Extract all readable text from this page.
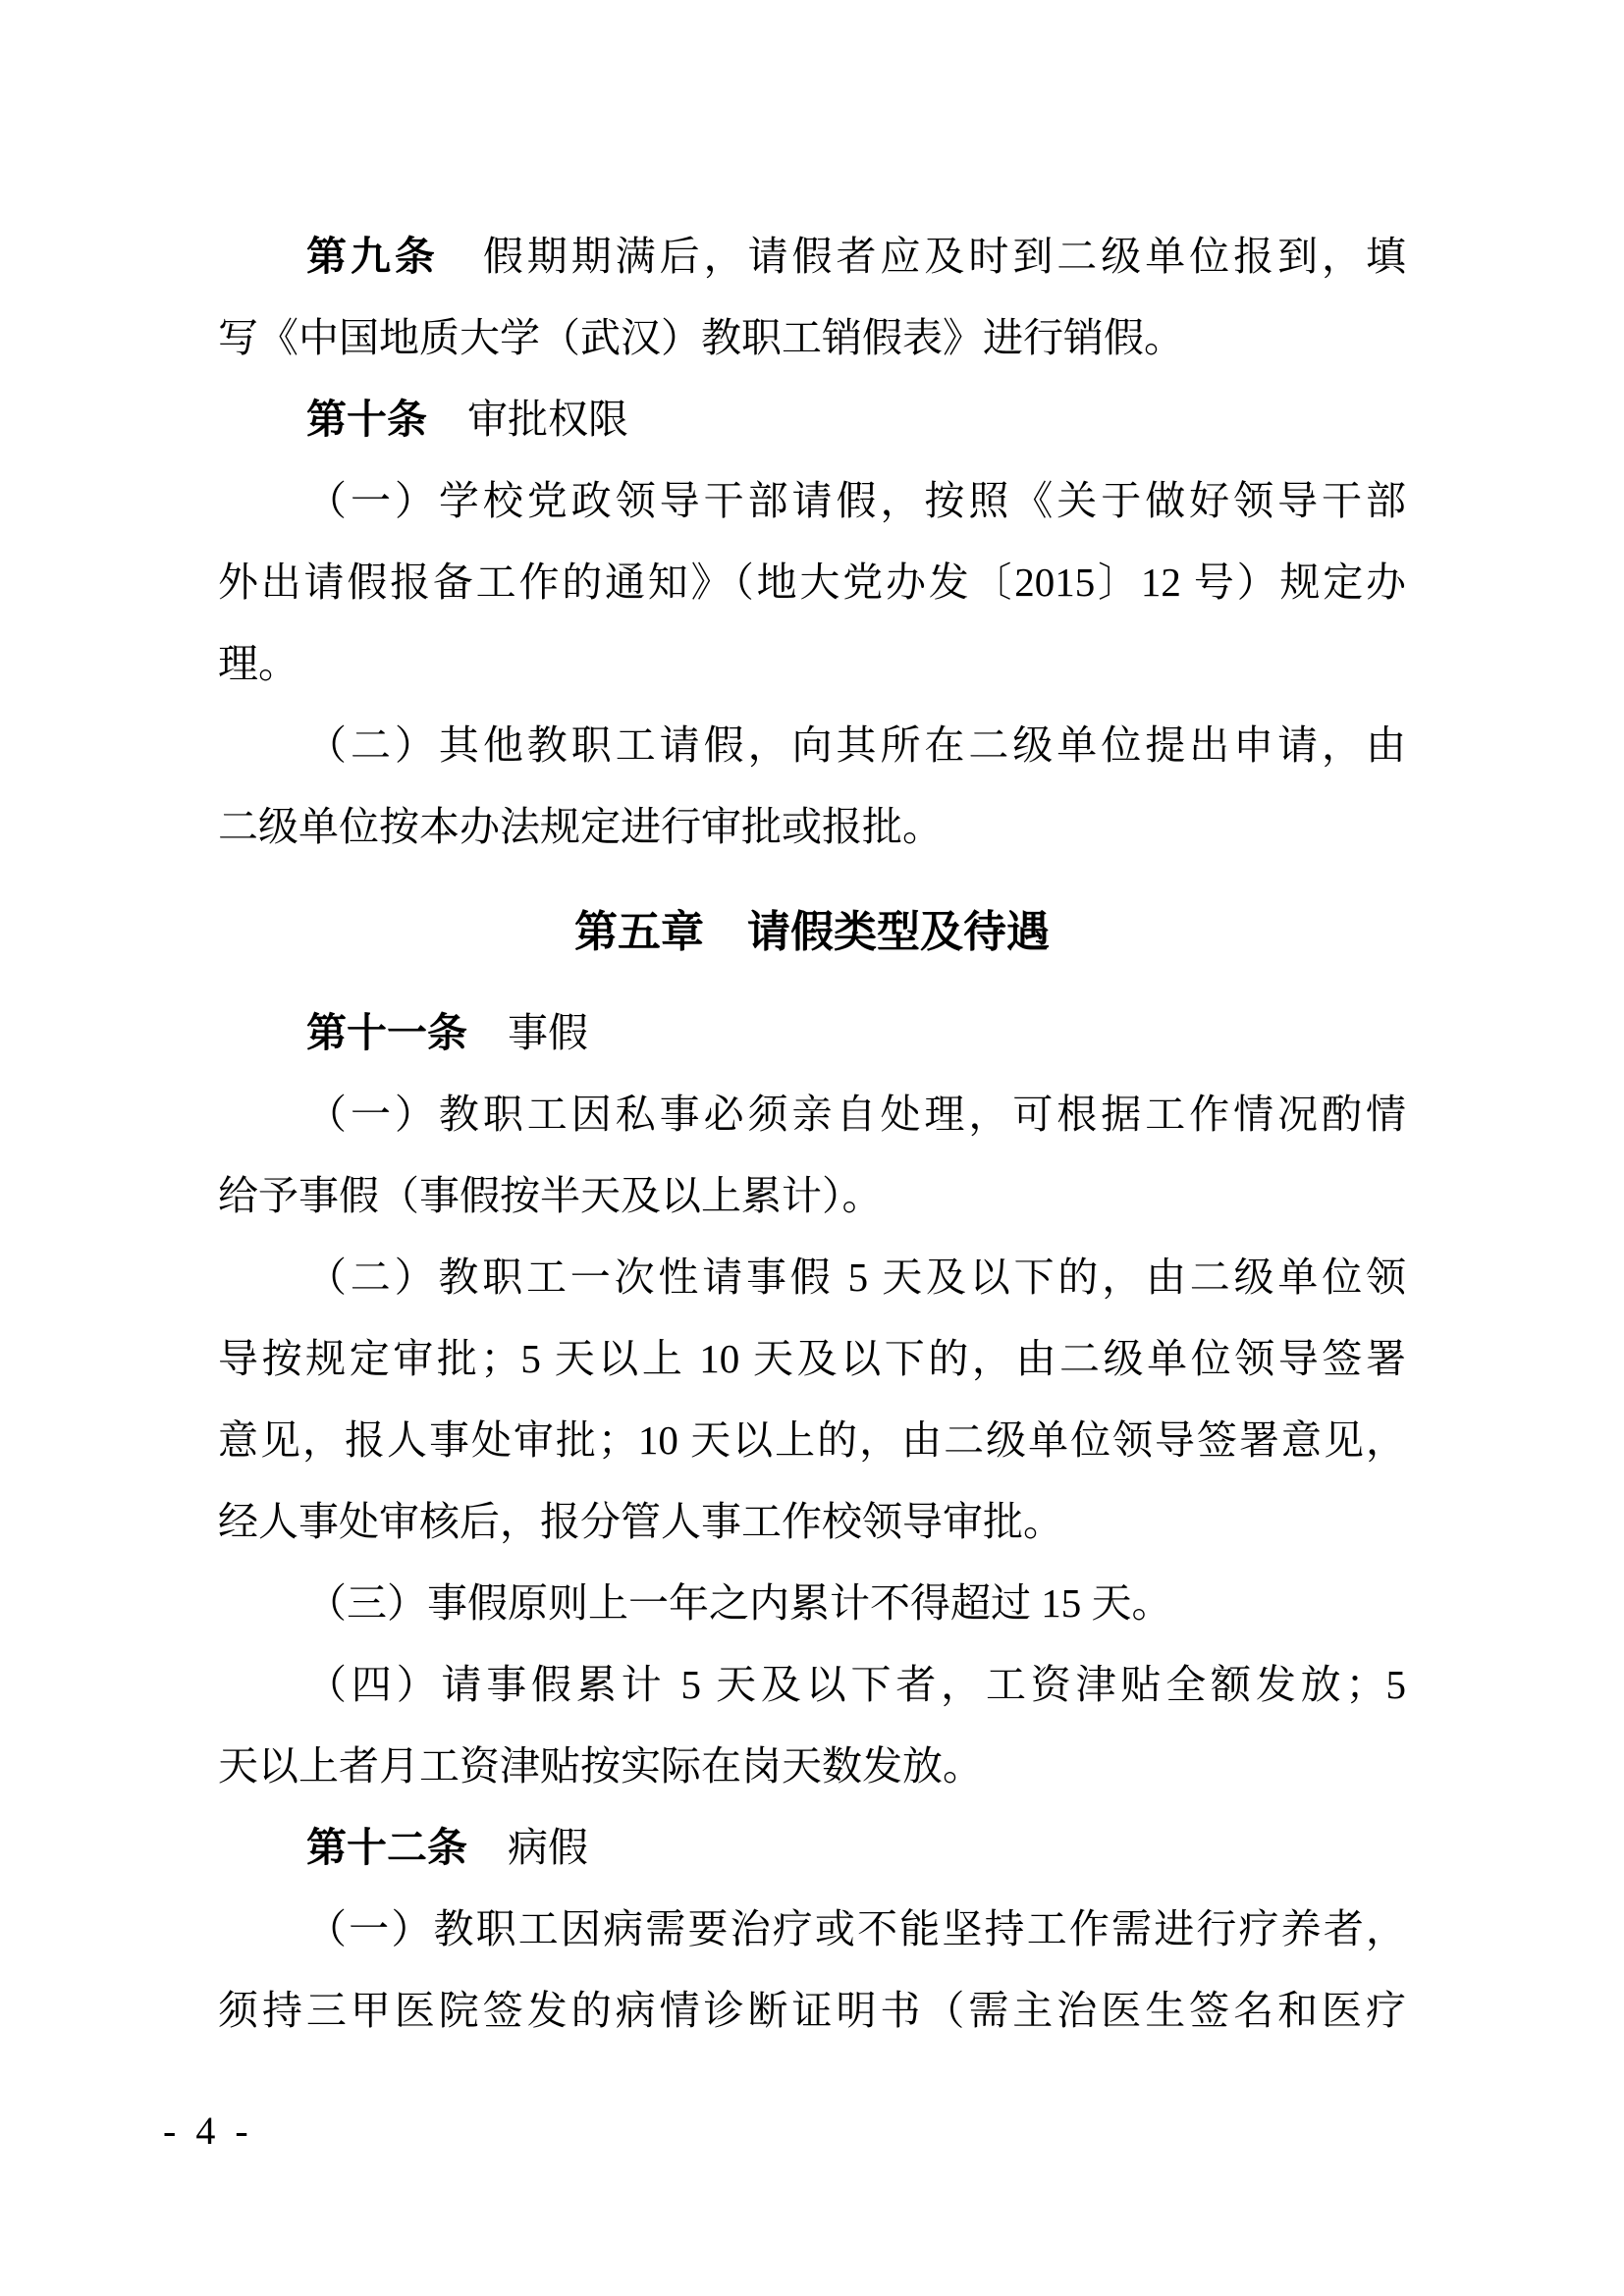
第九条　假期期满后，请假者应及时到二级单位报到，填
写《中国地质大学（武汉）教职工销假表》进行销假。
第十条　审批权限
（一）学校党政领导干部请假，按照《关于做好领导干部
外出请假报备工作的通知》（地大党办发〔2015〕12 号）规定办
理。
（二）其他教职工请假，向其所在二级单位提出申请，由
二级单位按本办法规定进行审批或报批。
第五章　请假类型及待遇
第十一条　事假
（一）教职工因私事必须亲自处理，可根据工作情况酌情
给予事假（事假按半天及以上累计）。
（二）教职工一次性请事假 5 天及以下的，由二级单位领
导按规定审批；5 天以上 10 天及以下的，由二级单位领导签署
意见，报人事处审批；10 天以上的，由二级单位领导签署意见，
经人事处审核后，报分管人事工作校领导审批。
（三）事假原则上一年之内累计不得超过 15 天。
（四）请事假累计 5 天及以下者，工资津贴全额发放；5
天以上者月工资津贴按实际在岗天数发放。
第十二条　病假
（一）教职工因病需要治疗或不能坚持工作需进行疗养者，
须持三甲医院签发的病情诊断证明书（需主治医生签名和医疗
- 4 -
